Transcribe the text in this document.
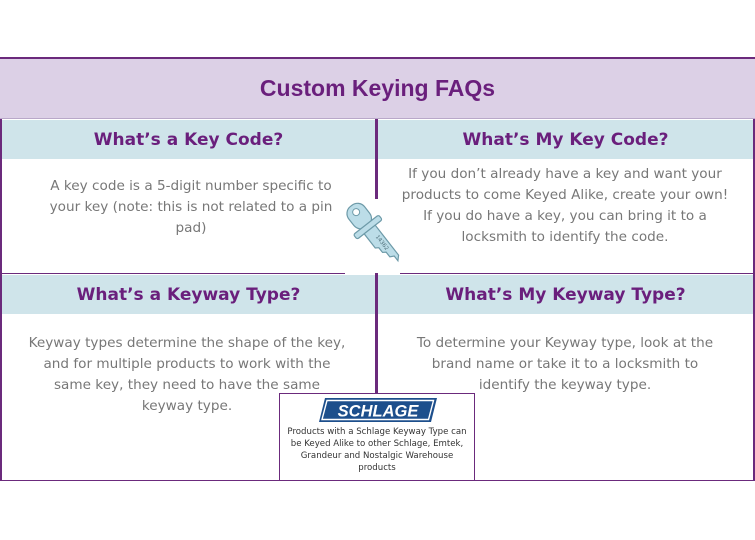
Custom Keying FAQs
What’s a Key Code?	What’s My Key Code?
A key code is a 5-digit number specific to your key (note: this is not related to a pin pad)
If you don’t already have a key and want your products to come Keyed Alike, create your own! If you do have a key, you can bring it to a locksmith to identify the code.
14362
What’s a Keyway Type?	What’s My Keyway Type?
Keyway types determine the shape of the key, and for multiple products to work with the same key, they need to have the same keyway type.
To determine your Keyway type, look at the brand name or take it to a locksmith to identify the keyway type.
SCHLAGE
Products with a Schlage Keyway Type can be Keyed Alike to other Schlage, Emtek, Grandeur and Nostalgic Warehouse products
